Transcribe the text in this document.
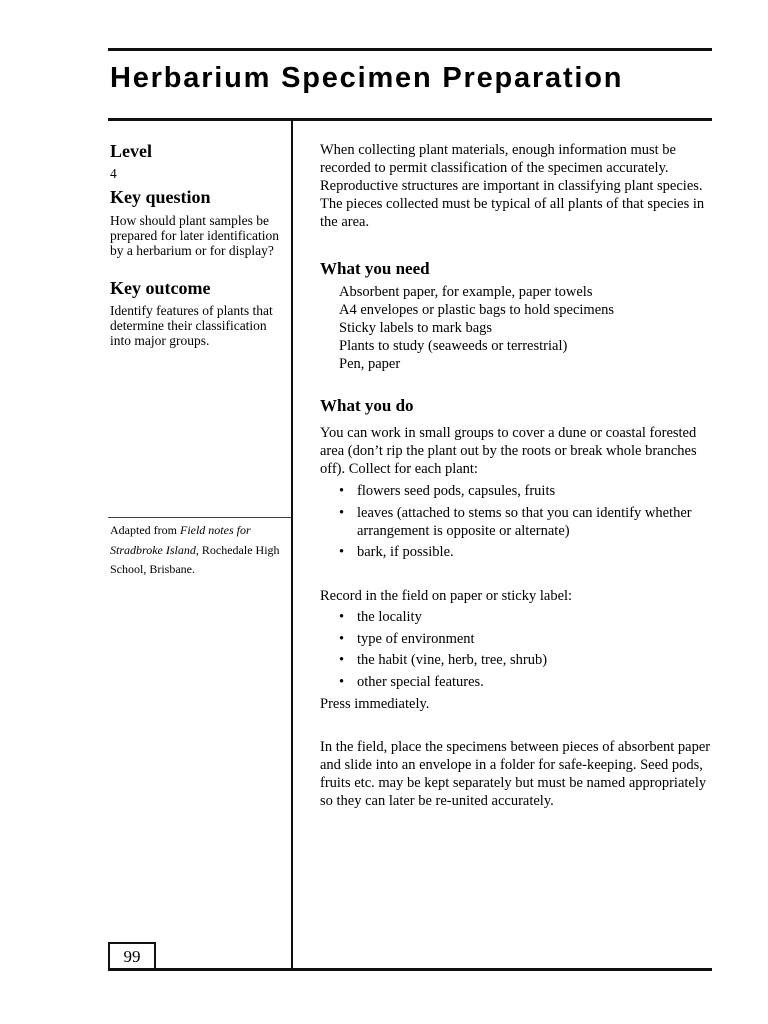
Herbarium Specimen Preparation
Level
4
Key question
How should plant samples be prepared for later identification by a herbarium or for display?
Key outcome
Identify features of plants that determine their classification into major groups.
Adapted from Field notes for Stradbroke Island, Rochedale High School, Brisbane.
When collecting plant materials, enough information must be recorded to permit classification of the specimen accurately. Reproductive structures are important in classifying plant species. The pieces collected must be typical of all plants of that species in the area.
What you need
Absorbent paper, for example, paper towels
A4 envelopes or plastic bags to hold specimens
Sticky labels to mark bags
Plants to study (seaweeds or terrestrial)
Pen, paper
What you do
You can work in small groups to cover a dune or coastal forested area (don’t rip the plant out by the roots or break whole branches off). Collect for each plant:
• flowers seed pods, capsules, fruits
• leaves (attached to stems so that you can identify whether arrangement is opposite or alternate)
• bark, if possible.
Record in the field on paper or sticky label:
• the locality
• type of environment
• the habit (vine, herb, tree, shrub)
• other special features.
Press immediately.
In the field, place the specimens between pieces of absorbent paper and slide into an envelope in a folder for safe-keeping. Seed pods, fruits etc. may be kept separately but must be named appropriately so they can later be re-united accurately.
99
